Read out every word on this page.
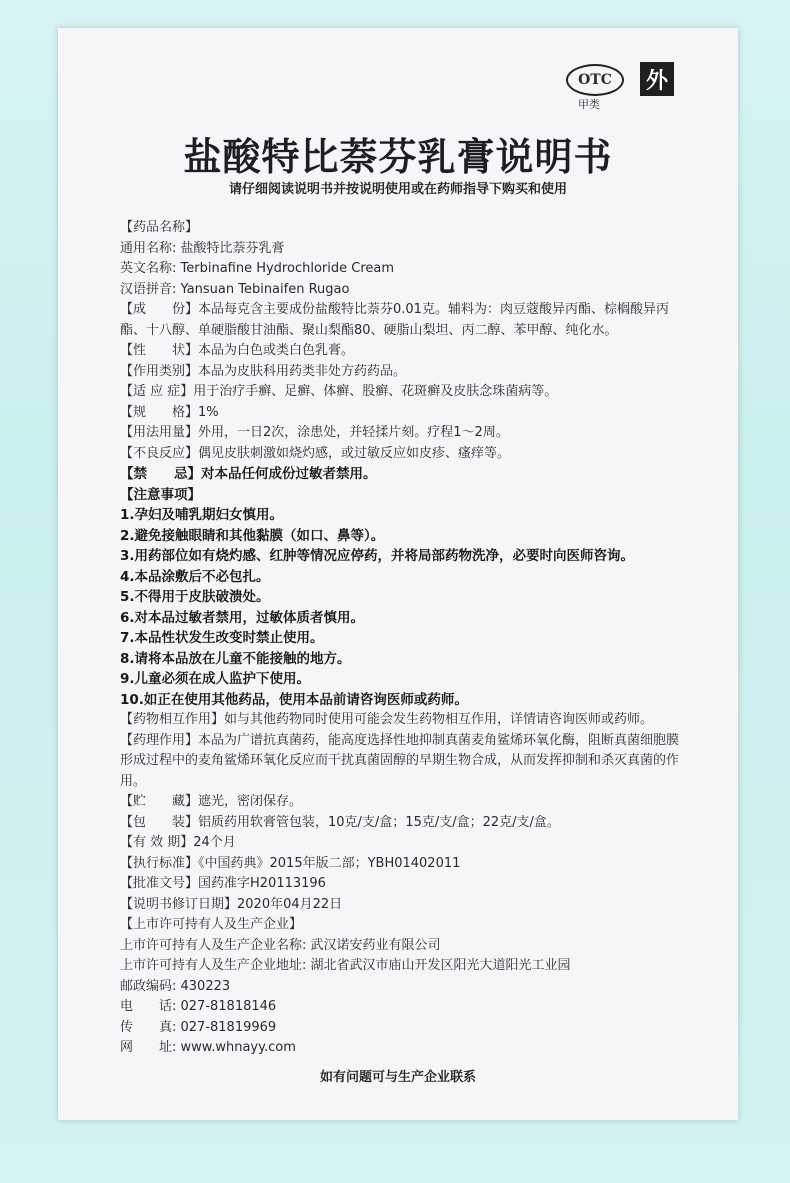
OTC
甲类
外
盐酸特比萘芬乳膏说明书
请仔细阅读说明书并按说明使用或在药师指导下购买和使用
【药品名称】
通用名称: 盐酸特比萘芬乳膏
英文名称: Terbinafine Hydrochloride Cream
汉语拼音: Yansuan Tebinaifen Rugao
【成　　份】本品每克含主要成份盐酸特比萘芬0.01克。辅料为：肉豆蔻酸异丙酯、棕榈酸异丙酯、十八醇、单硬脂酸甘油酯、聚山梨酯80、硬脂山梨坦、丙二醇、苯甲醇、纯化水。
【性　　状】本品为白色或类白色乳膏。
【作用类别】本品为皮肤科用药类非处方药药品。
【适 应 症】用于治疗手癣、足癣、体癣、股癣、花斑癣及皮肤念珠菌病等。
【规　　格】1%
【用法用量】外用，一日2次，涂患处，并轻揉片刻。疗程1～2周。
【不良反应】偶见皮肤刺激如烧灼感，或过敏反应如皮疹、瘙痒等。
【禁　　忌】对本品任何成份过敏者禁用。
【注意事项】
1.孕妇及哺乳期妇女慎用。
2.避免接触眼睛和其他黏膜（如口、鼻等）。
3.用药部位如有烧灼感、红肿等情况应停药，并将局部药物洗净，必要时向医师咨询。
4.本品涂敷后不必包扎。
5.不得用于皮肤破溃处。
6.对本品过敏者禁用，过敏体质者慎用。
7.本品性状发生改变时禁止使用。
8.请将本品放在儿童不能接触的地方。
9.儿童必须在成人监护下使用。
10.如正在使用其他药品，使用本品前请咨询医师或药师。
【药物相互作用】如与其他药物同时使用可能会发生药物相互作用，详情请咨询医师或药师。
【药理作用】本品为广谱抗真菌药，能高度选择性地抑制真菌麦角鲨烯环氧化酶，阻断真菌细胞膜形成过程中的麦角鲨烯环氧化反应而干扰真菌固醇的早期生物合成，从而发挥抑制和杀灭真菌的作用。
【贮　　藏】遮光，密闭保存。
【包　　装】铝质药用软膏管包装，10克/支/盒；15克/支/盒；22克/支/盒。
【有 效 期】24个月
【执行标准】《中国药典》2015年版二部；YBH01402011
【批准文号】国药准字H20113196
【说明书修订日期】2020年04月22日
【上市许可持有人及生产企业】
上市许可持有人及生产企业名称: 武汉诺安药业有限公司
上市许可持有人及生产企业地址: 湖北省武汉市庙山开发区阳光大道阳光工业园
邮政编码: 430223
电　　话: 027-81818146
传　　真: 027-81819969
网　　址: www.whnayy.com
如有问题可与生产企业联系
